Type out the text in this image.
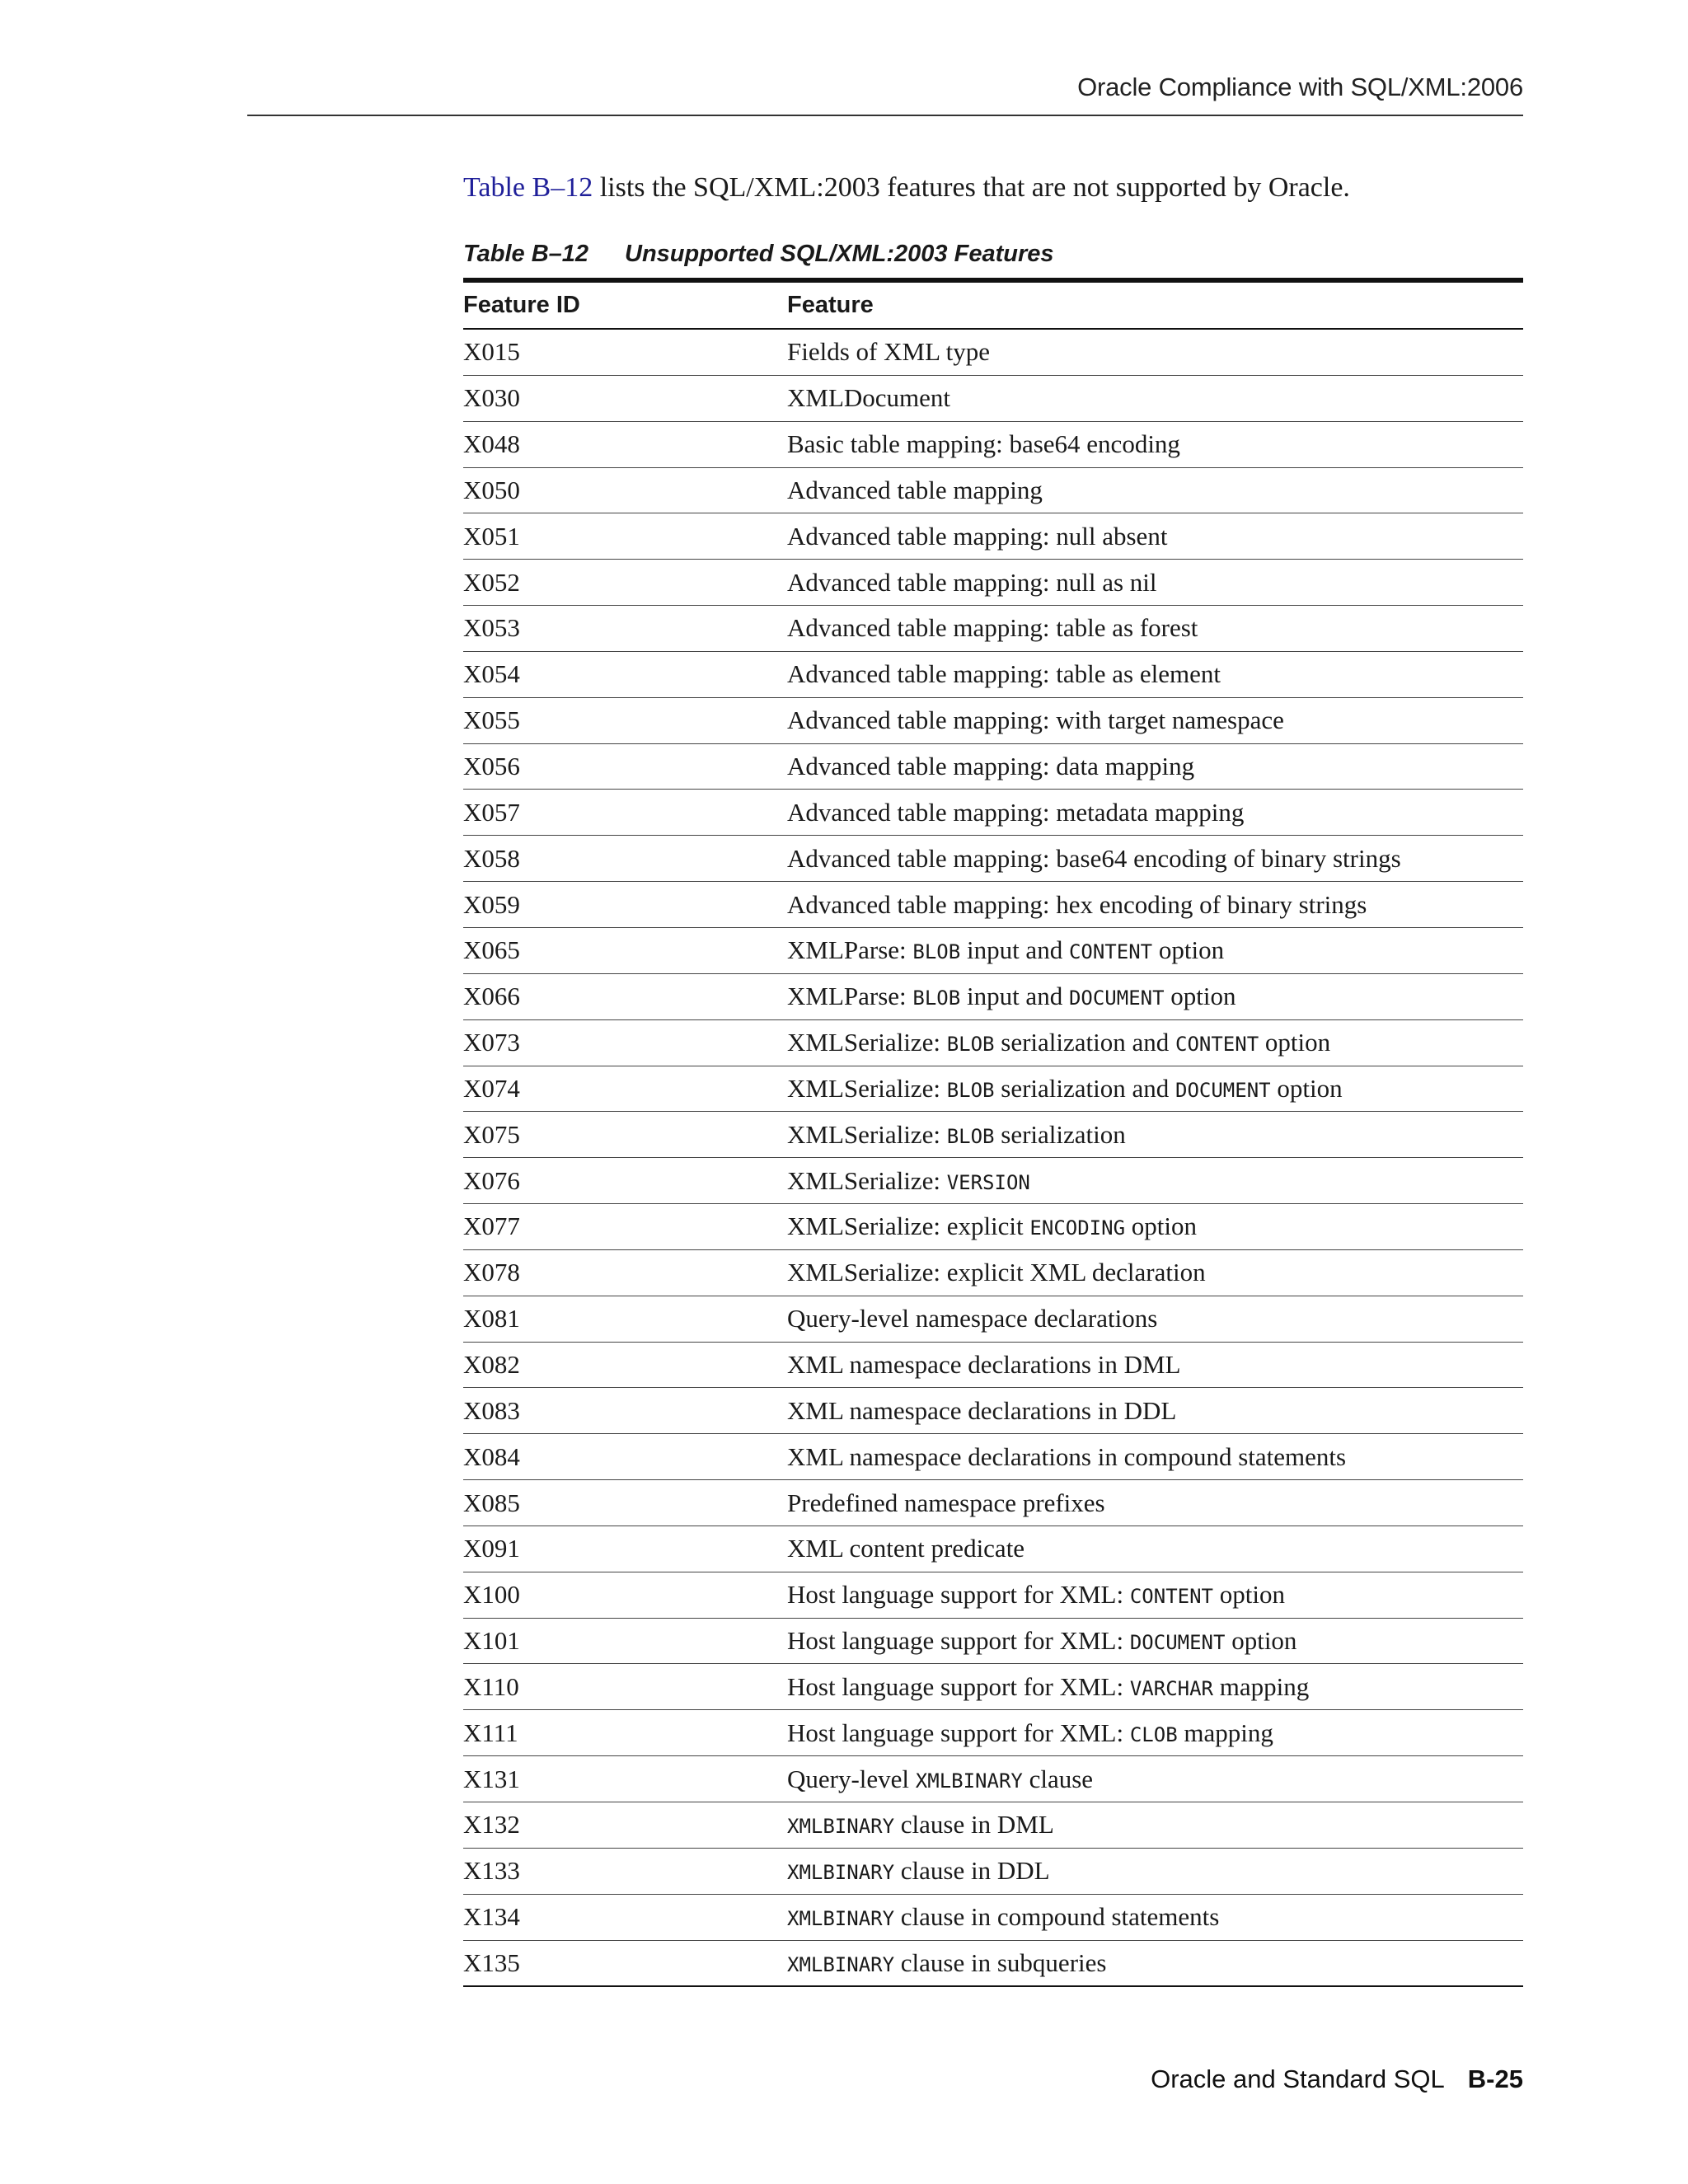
Oracle Compliance with SQL/XML:2006

Table B–12 lists the SQL/XML:2003 features that are not supported by Oracle.

Table B–12 Unsupported SQL/XML:2003 Features
Feature ID	Feature
X015	Fields of XML type
X030	XMLDocument
X048	Basic table mapping: base64 encoding
X050	Advanced table mapping
X051	Advanced table mapping: null absent
X052	Advanced table mapping: null as nil
X053	Advanced table mapping: table as forest
X054	Advanced table mapping: table as element
X055	Advanced table mapping: with target namespace
X056	Advanced table mapping: data mapping
X057	Advanced table mapping: metadata mapping
X058	Advanced table mapping: base64 encoding of binary strings
X059	Advanced table mapping: hex encoding of binary strings
X065	XMLParse: BLOB input and CONTENT option
X066	XMLParse: BLOB input and DOCUMENT option
X073	XMLSerialize: BLOB serialization and CONTENT option
X074	XMLSerialize: BLOB serialization and DOCUMENT option
X075	XMLSerialize: BLOB serialization
X076	XMLSerialize: VERSION
X077	XMLSerialize: explicit ENCODING option
X078	XMLSerialize: explicit XML declaration
X081	Query-level namespace declarations
X082	XML namespace declarations in DML
X083	XML namespace declarations in DDL
X084	XML namespace declarations in compound statements
X085	Predefined namespace prefixes
X091	XML content predicate
X100	Host language support for XML: CONTENT option
X101	Host language support for XML: DOCUMENT option
X110	Host language support for XML: VARCHAR mapping
X111	Host language support for XML: CLOB mapping
X131	Query-level XMLBINARY clause
X132	XMLBINARY clause in DML
X133	XMLBINARY clause in DDL
X134	XMLBINARY clause in compound statements
X135	XMLBINARY clause in subqueries
Oracle and Standard SQL B-25
